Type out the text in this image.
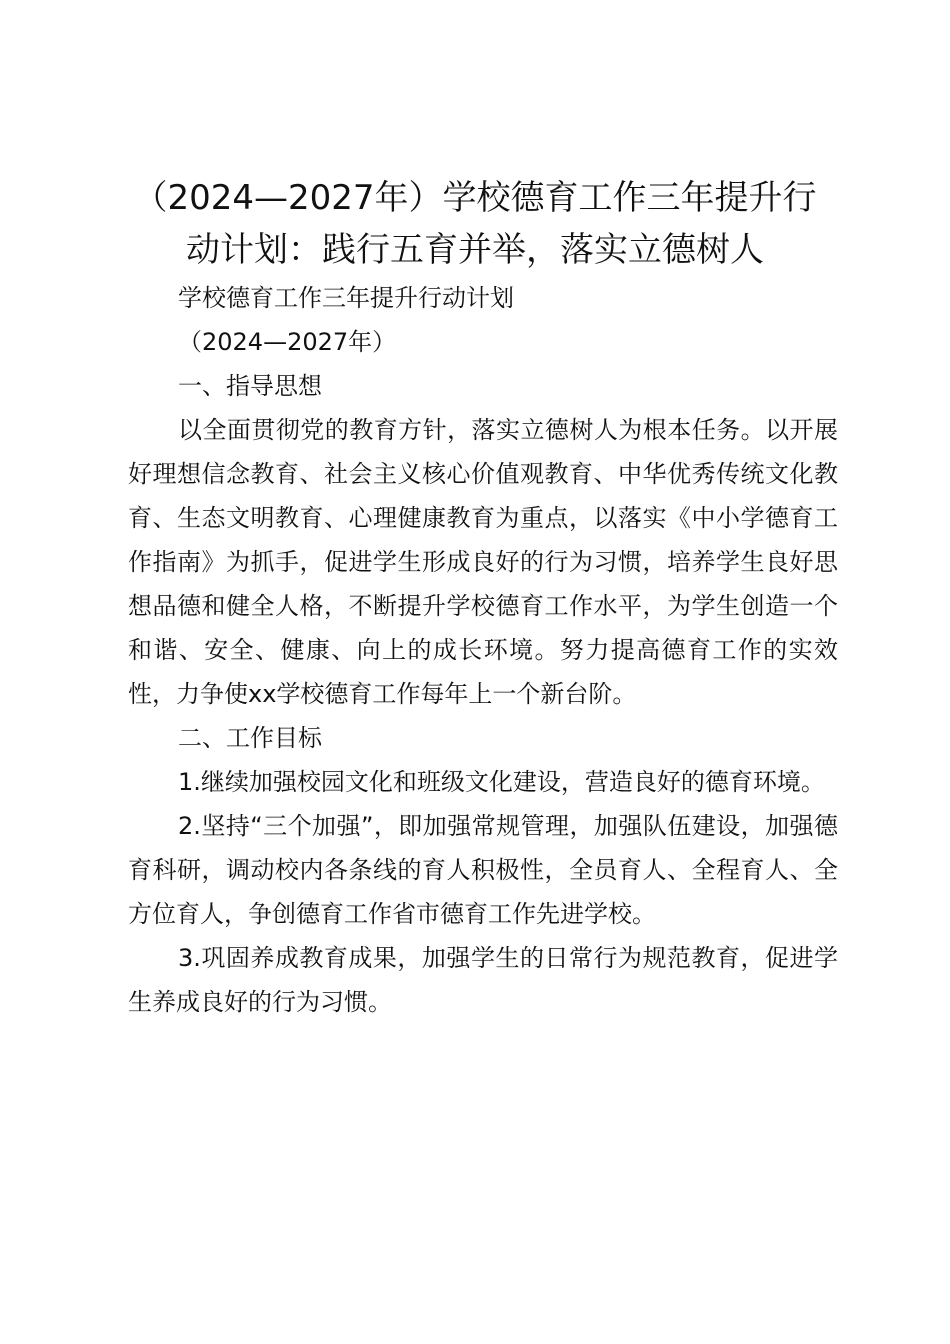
（2024—2027年）学校德育工作三年提升行动计划：践行五育并举，落实立德树人

学校德育工作三年提升行动计划

（2024—2027年）

一、指导思想

以全面贯彻党的教育方针，落实立德树人为根本任务。以开展好理想信念教育、社会主义核心价值观教育、中华优秀传统文化教育、生态文明教育、心理健康教育为重点，以落实《中小学德育工作指南》为抓手，促进学生形成良好的行为习惯，培养学生良好思想品德和健全人格，不断提升学校德育工作水平，为学生创造一个和谐、安全、健康、向上的成长环境。努力提高德育工作的实效性，力争使xx学校德育工作每年上一个新台阶。

二、工作目标

1.继续加强校园文化和班级文化建设，营造良好的德育环境。

2.坚持“三个加强”，即加强常规管理，加强队伍建设，加强德育科研，调动校内各条线的育人积极性，全员育人、全程育人、全方位育人，争创德育工作省市德育工作先进学校。

3.巩固养成教育成果，加强学生的日常行为规范教育，促进学生养成良好的行为习惯。
